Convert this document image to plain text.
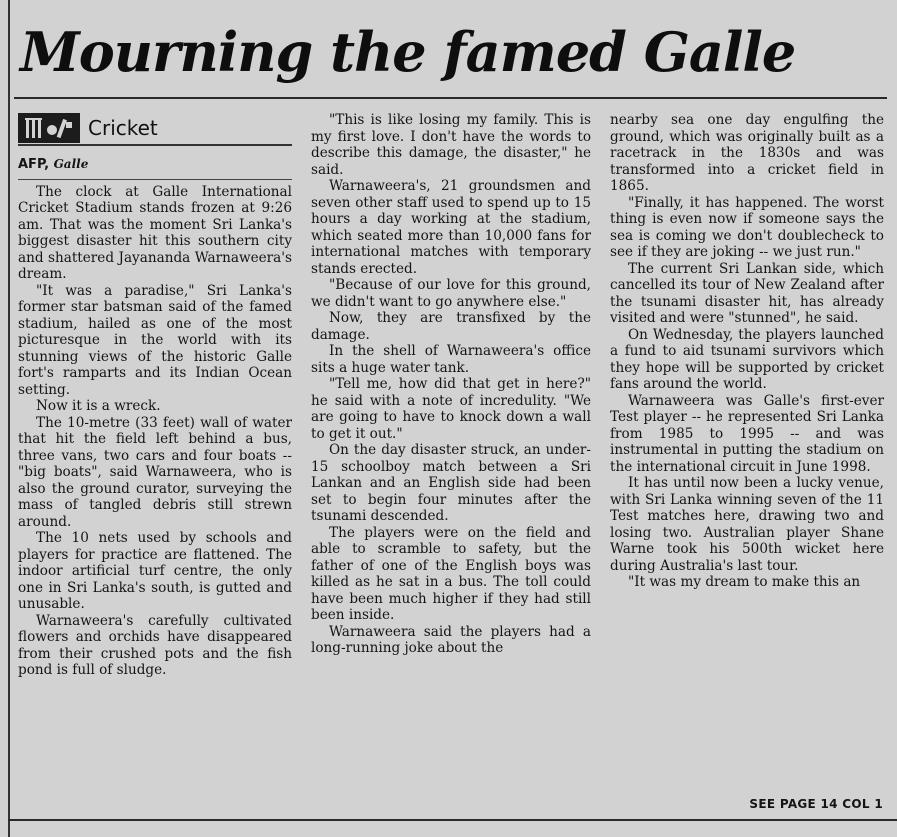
Mourning the famed Galle
Cricket
AFP, Galle

The clock at Galle International Cricket Stadium stands frozen at 9:26 am. That was the moment Sri Lanka's biggest disaster hit this southern city and shattered Jayananda Warnaweera's dream.

"It was a paradise," Sri Lanka's former star batsman said of the famed stadium, hailed as one of the most picturesque in the world with its stunning views of the historic Galle fort's ramparts and its Indian Ocean setting.

Now it is a wreck.

The 10-metre (33 feet) wall of water that hit the field left behind a bus, three vans, two cars and four boats -- "big boats", said Warnaweera, who is also the ground curator, surveying the mass of tangled debris still strewn around.

The 10 nets used by schools and players for practice are flattened. The indoor artificial turf centre, the only one in Sri Lanka's south, is gutted and unusable.

Warnaweera's carefully cultivated flowers and orchids have disappeared from their crushed pots and the fish pond is full of sludge.

"This is like losing my family. This is my first love. I don't have the words to describe this damage, the disaster," he said.

Warnaweera's, 21 groundsmen and seven other staff used to spend up to 15 hours a day working at the stadium, which seated more than 10,000 fans for international matches with temporary stands erected.

"Because of our love for this ground, we didn't want to go anywhere else."

Now, they are transfixed by the damage.

In the shell of Warnaweera's office sits a huge water tank.

"Tell me, how did that get in here?" he said with a note of incredulity. "We are going to have to knock down a wall to get it out."

On the day disaster struck, an under-15 schoolboy match between a Sri Lankan and an English side had been set to begin four minutes after the tsunami descended.

The players were on the field and able to scramble to safety, but the father of one of the English boys was killed as he sat in a bus. The toll could have been much higher if they had still been inside.

Warnaweera said the players had a long-running joke about the

nearby sea one day engulfing the ground, which was originally built as a racetrack in the 1830s and was transformed into a cricket field in 1865.

"Finally, it has happened. The worst thing is even now if someone says the sea is coming we don't doublecheck to see if they are joking -- we just run."

The current Sri Lankan side, which cancelled its tour of New Zealand after the tsunami disaster hit, has already visited and were "stunned", he said.

On Wednesday, the players launched a fund to aid tsunami survivors which they hope will be supported by cricket fans around the world.

Warnaweera was Galle's first-ever Test player -- he represented Sri Lanka from 1985 to 1995 -- and was instrumental in putting the stadium on the international circuit in June 1998.

It has until now been a lucky venue, with Sri Lanka winning seven of the 11 Test matches here, drawing two and losing two. Australian player Shane Warne took his 500th wicket here during Australia's last tour.

"It was my dream to make this an

SEE PAGE 14 COL 1
